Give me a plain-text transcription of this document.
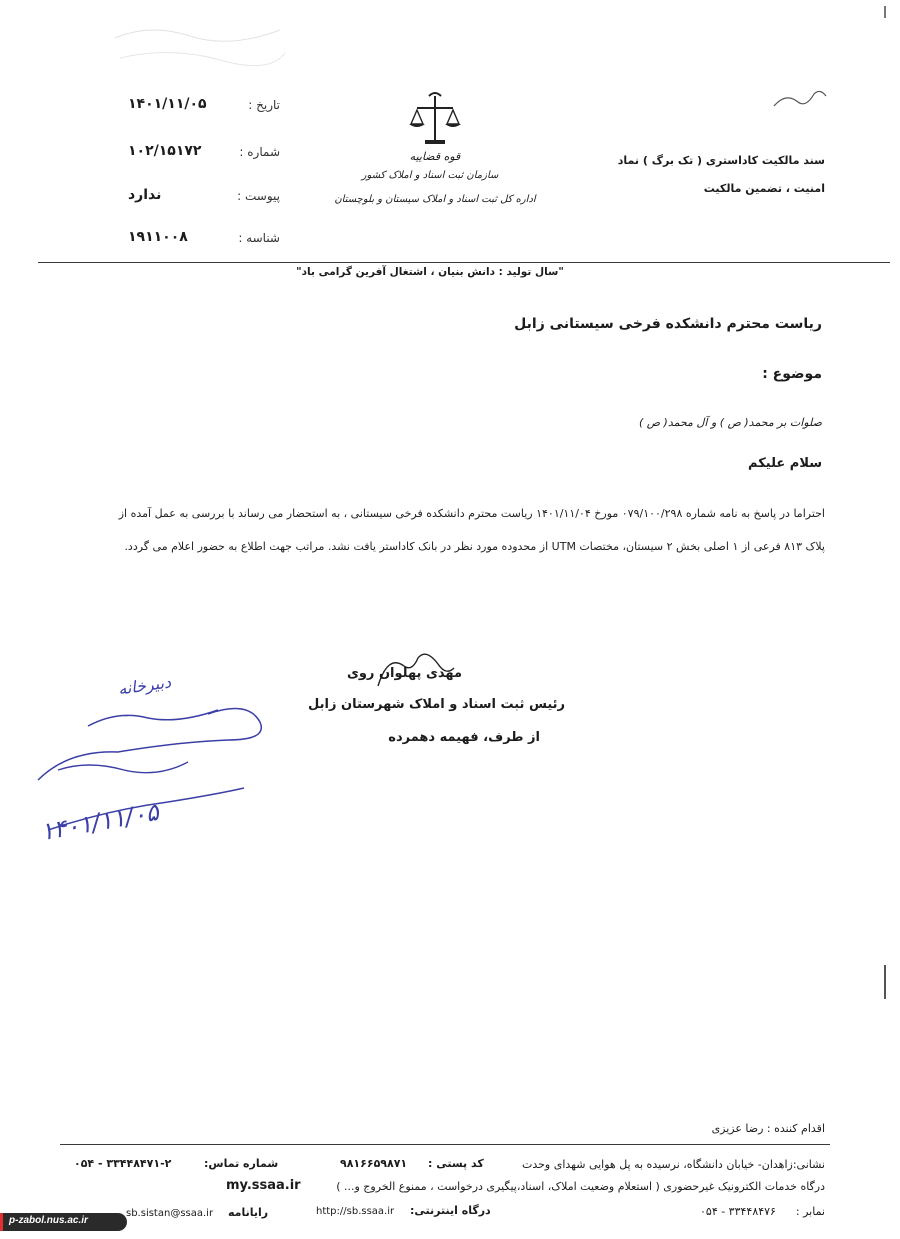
تاریخ :
۱۴۰۱/۱۱/۰۵
شماره :
۱۰۲/۱۵۱۷۲
پیوست :
ندارد
شناسه :
۱۹۱۱۰۰۸
قوه قضاییه
سازمان ثبت اسناد و املاک کشور
اداره کل ثبت اسناد و املاک سیستان و بلوچستان
سند مالکیت کاداستری ( تک برگ ) نماد
امنیت ، تضمین مالکیت
"سال تولید : دانش بنیان ، اشتغال آفرین گرامی باد"
ریاست محترم دانشکده فرخی سیستانی زابل
موضوع :
صلوات بر محمد( ص ) و آل محمد( ص )
سلام علیکم
احتراما در پاسخ به نامه شماره ۰۷۹/۱۰۰/۲۹۸ مورخ ۱۴۰۱/۱۱/۰۴ ریاست محترم دانشکده فرخی سیستانی ، به استحضار می رساند با بررسی به عمل آمده از
پلاک ۸۱۳ فرعی از ۱ اصلی بخش ۲ سیستان، مختصات UTM از محدوده مورد نظر در بانک کاداستر یافت نشد. مراتب جهت اطلاع به حضور اعلام می گردد.
مهدی پهلوان روی
رئیس ثبت اسناد و املاک شهرستان زابل
از طرف، فهیمه دهمرده
دبیرخانه
۱۴۰۱/۱۱/۰۵
اقدام کننده : رضا عزیزی
نشانی:زاهدان- خیابان دانشگاه، نرسیده به پل هوایی شهدای وحدت
کد پستی :
۹۸۱۶۶۵۹۸۷۱
شماره تماس:
۰۵۴ - ۳۳۴۴۸۴۷۱-۲
درگاه خدمات الکترونیک غیرحضوری ( استعلام وضعیت املاک، اسناد،پیگیری درخواست ، ممنوع الخروج و... )
my.ssaa.ir
نمابر :
۰۵۴ - ۳۳۴۴۸۴۷۶
درگاه اینترنتی:
http://sb.ssaa.ir
رایانامه
sb.sistan@ssaa.ir
p-zabol.nus.ac.ir
